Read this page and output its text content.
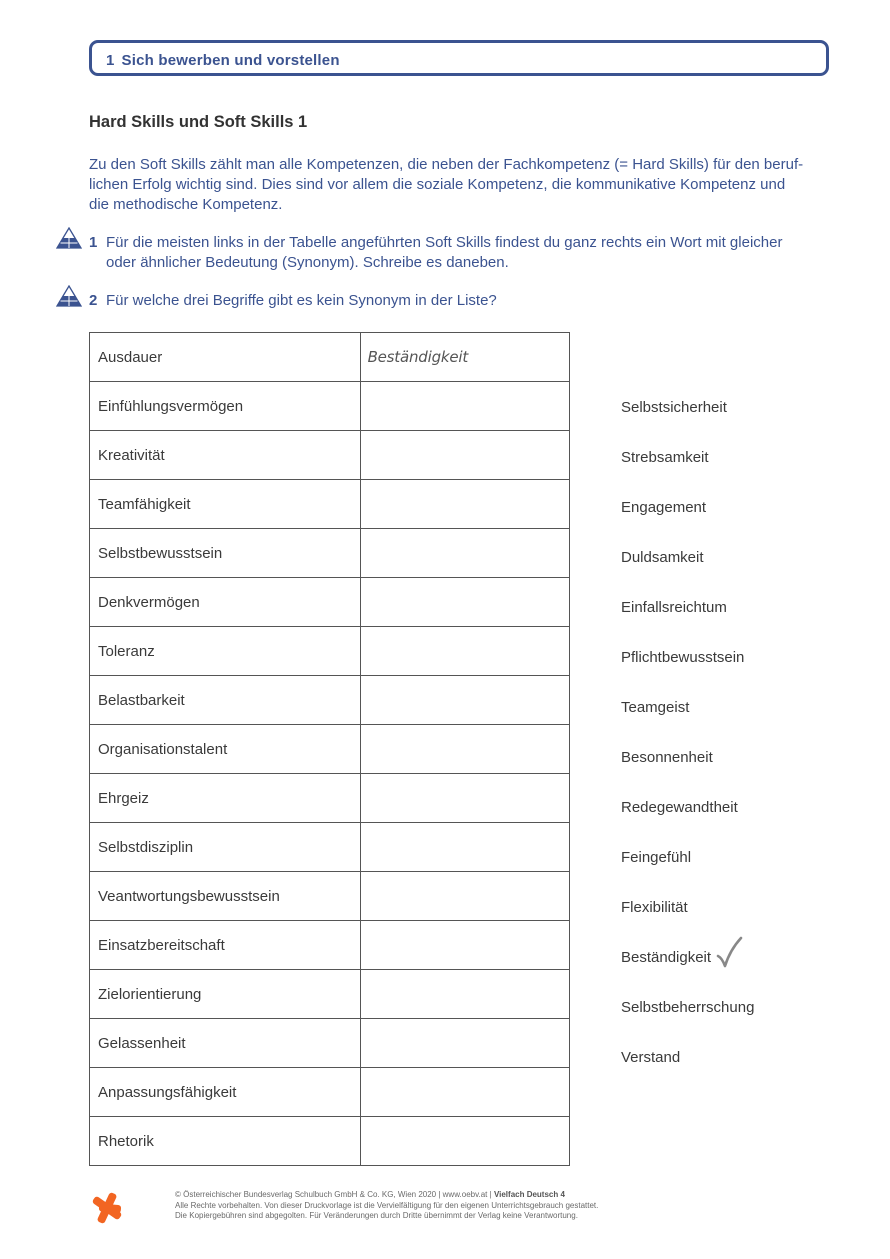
1 Sich bewerben und vorstellen
Hard Skills und Soft Skills 1
Zu den Soft Skills zählt man alle Kompetenzen, die neben der Fachkompetenz (= Hard Skills) für den beruf-
lichen Erfolg wichtig sind. Dies sind vor allem die soziale Kompetenz, die kommunikative Kompetenz und
die methodische Kompetenz.
1 Für die meisten links in der Tabelle angeführten Soft Skills findest du ganz rechts ein Wort mit gleicher
oder ähnlicher Bedeutung (Synonym). Schreibe es daneben.
2 Für welche drei Begriffe gibt es kein Synonym in der Liste?
Ausdauer	Beständigkeit
Einfühlungsvermögen	
Kreativität	
Teamfähigkeit	
Selbstbewusstsein	
Denkvermögen	
Toleranz	
Belastbarkeit	
Organisationstalent	
Ehrgeiz	
Selbstdisziplin	
Veantwortungsbewusstsein	
Einsatzbereitschaft	
Zielorientierung	
Gelassenheit	
Anpassungsfähigkeit	
Rhetorik	
Selbstsicherheit
Strebsamkeit
Engagement
Duldsamkeit
Einfallsreichtum
Pflichtbewusstsein
Teamgeist
Besonnenheit
Redegewandtheit
Feingefühl
Flexibilität
Beständigkeit
Selbstbeherrschung
Verstand
© Österreichischer Bundesverlag Schulbuch GmbH & Co. KG, Wien 2020 | www.oebv.at | Vielfach Deutsch 4
Alle Rechte vorbehalten. Von dieser Druckvorlage ist die Vervielfältigung für den eigenen Unterrichtsgebrauch gestattet.
Die Kopiergebühren sind abgegolten. Für Veränderungen durch Dritte übernimmt der Verlag keine Verantwortung.
